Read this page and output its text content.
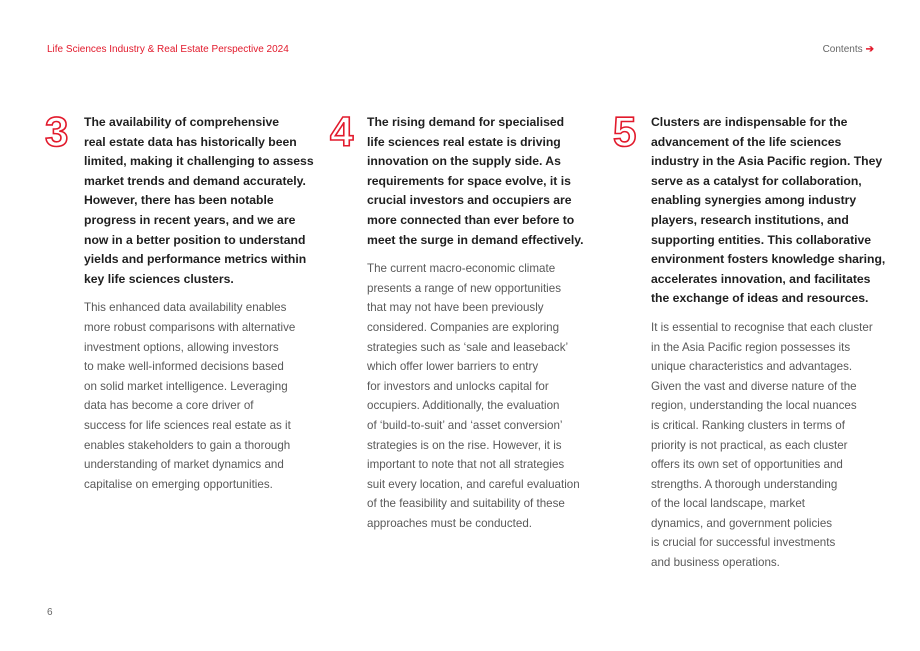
Life Sciences Industry & Real Estate Perspective 2024	Contents ➔
3 The availability of comprehensive
real estate data has historically been
limited, making it challenging to assess
market trends and demand accurately.
However, there has been notable
progress in recent years, and we are
now in a better position to understand
yields and performance metrics within
key life sciences clusters.
This enhanced data availability enables
more robust comparisons with alternative
investment options, allowing investors
to make well-informed decisions based
on solid market intelligence. Leveraging
data has become a core driver of
success for life sciences real estate as it
enables stakeholders to gain a thorough
understanding of market dynamics and
capitalise on emerging opportunities.
4 The rising demand for specialised
life sciences real estate is driving
innovation on the supply side. As
requirements for space evolve, it is
crucial investors and occupiers are
more connected than ever before to
meet the surge in demand effectively.
The current macro-economic climate
presents a range of new opportunities
that may not have been previously
considered. Companies are exploring
strategies such as ‘sale and leaseback’
which offer lower barriers to entry
for investors and unlocks capital for
occupiers. Additionally, the evaluation
of ‘build-to-suit’ and ‘asset conversion’
strategies is on the rise. However, it is
important to note that not all strategies
suit every location, and careful evaluation
of the feasibility and suitability of these
approaches must be conducted.
5 Clusters are indispensable for the
advancement of the life sciences
industry in the Asia Pacific region. They
serve as a catalyst for collaboration,
enabling synergies among industry
players, research institutions, and
supporting entities. This collaborative
environment fosters knowledge sharing,
accelerates innovation, and facilitates
the exchange of ideas and resources.
It is essential to recognise that each cluster
in the Asia Pacific region possesses its
unique characteristics and advantages.
Given the vast and diverse nature of the
region, understanding the local nuances
is critical. Ranking clusters in terms of
priority is not practical, as each cluster
offers its own set of opportunities and
strengths. A thorough understanding
of the local landscape, market
dynamics, and government policies
is crucial for successful investments
and business operations.
6
